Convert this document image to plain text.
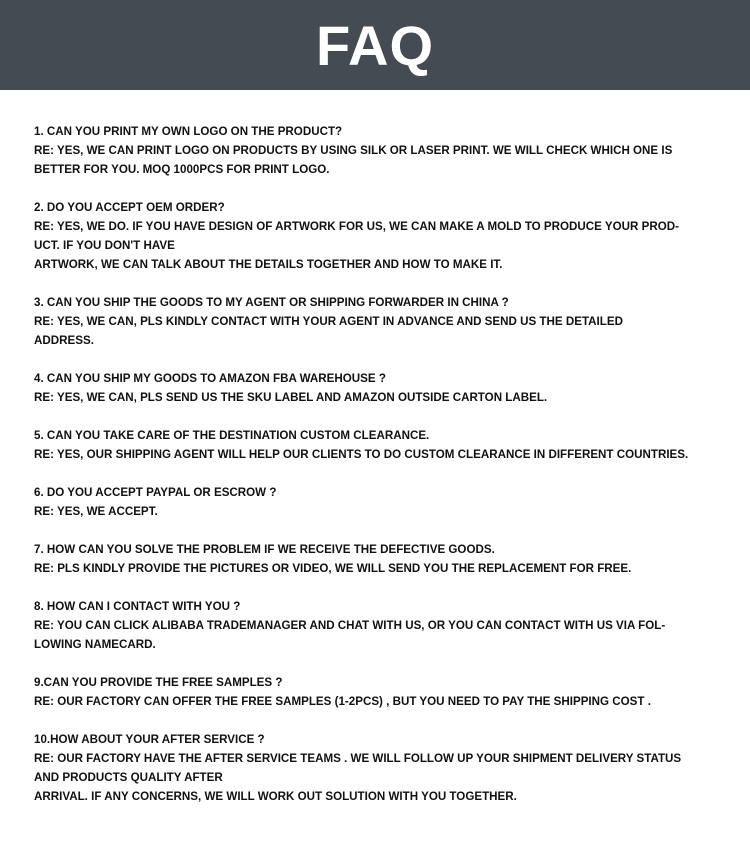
FAQ
1. CAN YOU PRINT MY OWN LOGO ON THE PRODUCT?
RE: YES, WE CAN PRINT LOGO ON PRODUCTS BY USING SILK OR LASER PRINT. WE WILL CHECK WHICH ONE IS
BETTER FOR YOU. MOQ 1000PCS FOR PRINT LOGO.
2. DO YOU ACCEPT OEM ORDER?
RE: YES, WE DO. IF YOU HAVE DESIGN OF ARTWORK FOR US, WE CAN MAKE A MOLD TO PRODUCE YOUR PROD-
UCT. IF YOU DON'T HAVE
ARTWORK, WE CAN TALK ABOUT THE DETAILS TOGETHER AND HOW TO MAKE IT.
3. CAN YOU SHIP THE GOODS TO MY AGENT OR SHIPPING FORWARDER IN CHINA ?
RE: YES, WE CAN, PLS KINDLY CONTACT WITH YOUR AGENT IN ADVANCE AND SEND US THE DETAILED
ADDRESS.
4. CAN YOU SHIP MY GOODS TO AMAZON FBA WAREHOUSE ?
RE: YES, WE CAN, PLS SEND US THE SKU LABEL AND AMAZON OUTSIDE CARTON LABEL.
5. CAN YOU TAKE CARE OF THE DESTINATION CUSTOM CLEARANCE.
RE: YES, OUR SHIPPING AGENT WILL HELP OUR CLIENTS TO DO CUSTOM CLEARANCE IN DIFFERENT COUNTRIES.
6. DO YOU ACCEPT PAYPAL OR ESCROW ?
RE: YES, WE ACCEPT.
7. HOW CAN YOU SOLVE THE PROBLEM IF WE RECEIVE THE DEFECTIVE GOODS.
RE: PLS KINDLY PROVIDE THE PICTURES OR VIDEO, WE WILL SEND YOU THE REPLACEMENT FOR FREE.
8. HOW CAN I CONTACT WITH YOU ?
RE: YOU CAN CLICK ALIBABA TRADEMANAGER AND CHAT WITH US, OR YOU CAN CONTACT WITH US VIA FOL-
LOWING NAMECARD.
9.CAN YOU PROVIDE THE FREE SAMPLES ?
RE: OUR FACTORY CAN OFFER THE FREE SAMPLES (1-2PCS) , BUT YOU NEED TO PAY THE SHIPPING COST .
10.HOW ABOUT YOUR AFTER SERVICE ?
RE: OUR FACTORY HAVE THE AFTER SERVICE TEAMS . WE WILL FOLLOW UP YOUR SHIPMENT DELIVERY STATUS
AND PRODUCTS QUALITY AFTER
ARRIVAL. IF ANY CONCERNS, WE WILL WORK OUT SOLUTION WITH YOU TOGETHER.
